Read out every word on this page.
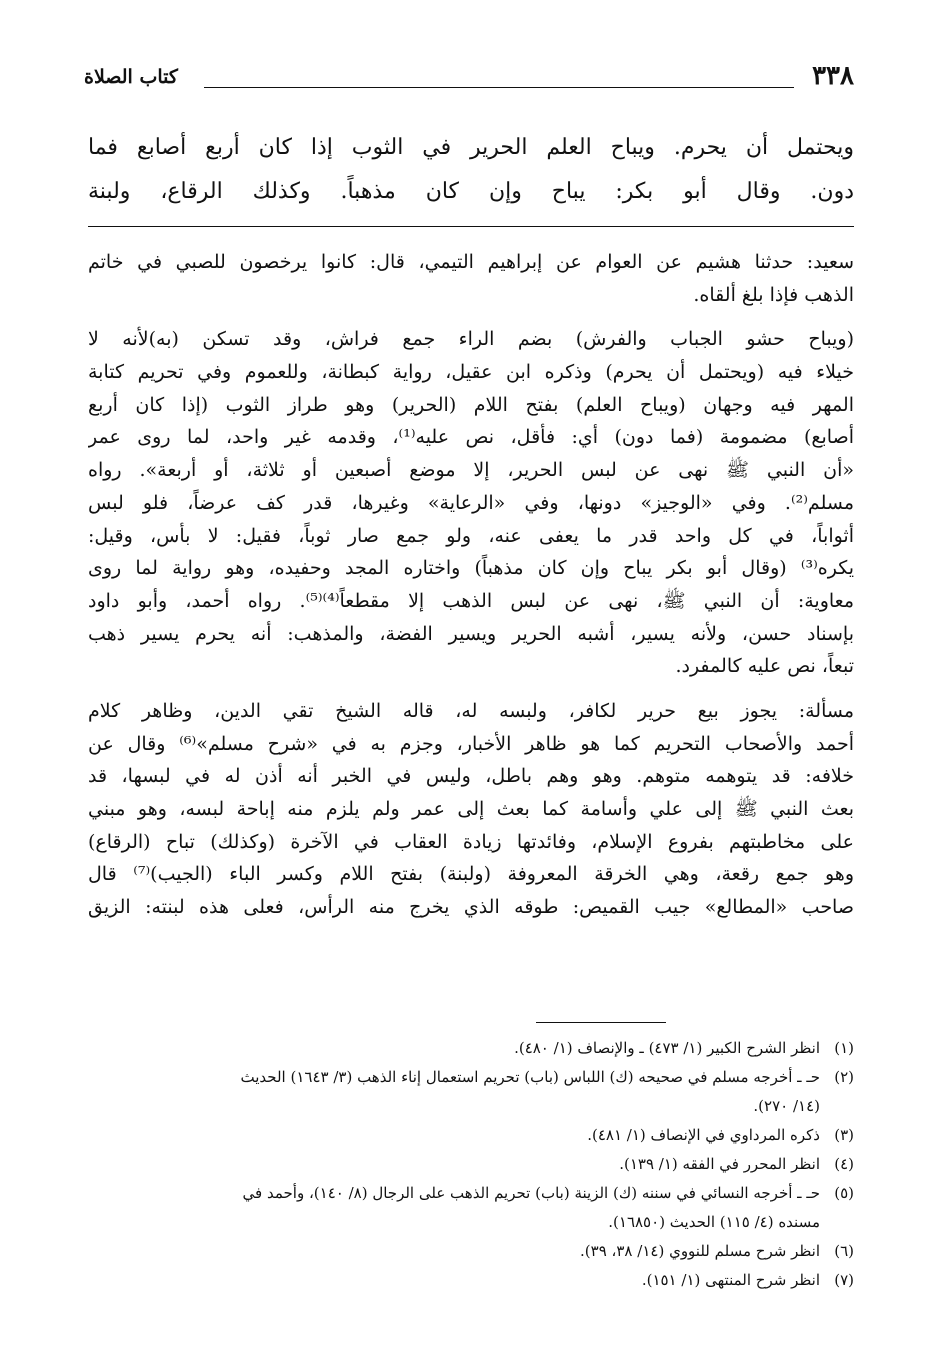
٣٣٨
كتاب الصلاة
ويحتمل أن يحرم. ويباح العلم الحرير في الثوب إذا كان أربع أصابع فما
دون. وقال أبو بكر: يباح وإن كان مذهباً. وكذلك الرقاع، ولبنة
سعيد: حدثنا هشيم عن العوام عن إبراهيم التيمي، قال: كانوا يرخصون للصبي في خاتم
الذهب فإذا بلغ ألقاه.
(ويباح حشو الجباب والفرش) بضم الراء جمع فراش، وقد تسكن (به)لأنه لا
خيلاء فيه (ويحتمل أن يحرم) وذكره ابن عقيل، رواية كبطانة، وللعموم وفي تحريم كتابة
المهر فيه وجهان (ويباح العلم) بفتح اللام (الحرير) وهو طراز الثوب (إذا كان أربع
أصابع) مضمومة (فما دون) أي: فأقل، نص عليه⁽¹⁾، وقدمه غير واحد، لما روى عمر
«أن النبي ﷺ نهى عن لبس الحرير، إلا موضع أصبعين أو ثلاثة، أو أربعة». رواه
مسلم⁽²⁾. وفي «الوجيز» دونها، وفي «الرعاية» وغيرها، قدر كف عرضاً، فلو لبس
أثواباً، في كل واحد قدر ما يعفى عنه، ولو جمع صار ثوباً، فقيل: لا بأس، وقيل:
يكره⁽³⁾ (وقال أبو بكر يباح وإن كان مذهباً) واختاره المجد وحفيده، وهو رواية لما روى
معاوية: أن النبي ﷺ، نهى عن لبس الذهب إلا مقطعاً⁽⁴⁾⁽⁵⁾. رواه أحمد، وأبو داود
بإسناد حسن، ولأنه يسير، أشبه الحرير ويسير الفضة، والمذهب: أنه يحرم يسير ذهب
تبعاً، نص عليه كالمفرد.
مسألة: يجوز بيع حرير لكافر، ولبسه له، قاله الشيخ تقي الدين، وظاهر كلام
أحمد والأصحاب التحريم كما هو ظاهر الأخبار، وجزم به في «شرح مسلم»⁽⁶⁾ وقال عن
خلافه: قد يتوهمه متوهم. وهو وهم باطل، وليس في الخبر أنه أذن له في لبسها، قد
بعث النبي ﷺ إلى علي وأسامة كما بعث إلى عمر ولم يلزم منه إباحة لبسه، وهو مبني
على مخاطبتهم بفروع الإسلام، وفائدتها زيادة العقاب في الآخرة (وكذلك) تباح (الرقاع)
وهو جمع رقعة، وهي الخرقة المعروفة (ولبنة) بفتح اللام وكسر الباء (الجيب)⁽⁷⁾ قال
صاحب «المطالع» جيب القميص: طوقه الذي يخرج منه الرأس، فعلى هذه لبنته: الزيق
(١)
انظر الشرح الكبير (١/ ٤٧٣) ـ والإنصاف (١/ ٤٨٠).
(٢)
حـ ـ أخرجه مسلم في صحيحه (ك) اللباس (باب) تحريم استعمال إناء الذهب (٣/ ١٦٤٣) الحديث
(١٤/ ٢٧٠).
(٣)
ذكره المرداوي في الإنصاف (١/ ٤٨١).
(٤)
انظر المحرر في الفقه (١/ ١٣٩).
(٥)
حـ ـ أخرجه النسائي في سننه (ك) الزينة (باب) تحريم الذهب على الرجال (٨/ ١٤٠)، وأحمد في
مسنده (٤/ ١١٥) الحديث (١٦٨٥٠).
(٦)
انظر شرح مسلم للنووي (١٤/ ٣٨، ٣٩).
(٧)
انظر شرح المنتهى (١/ ١٥١).
